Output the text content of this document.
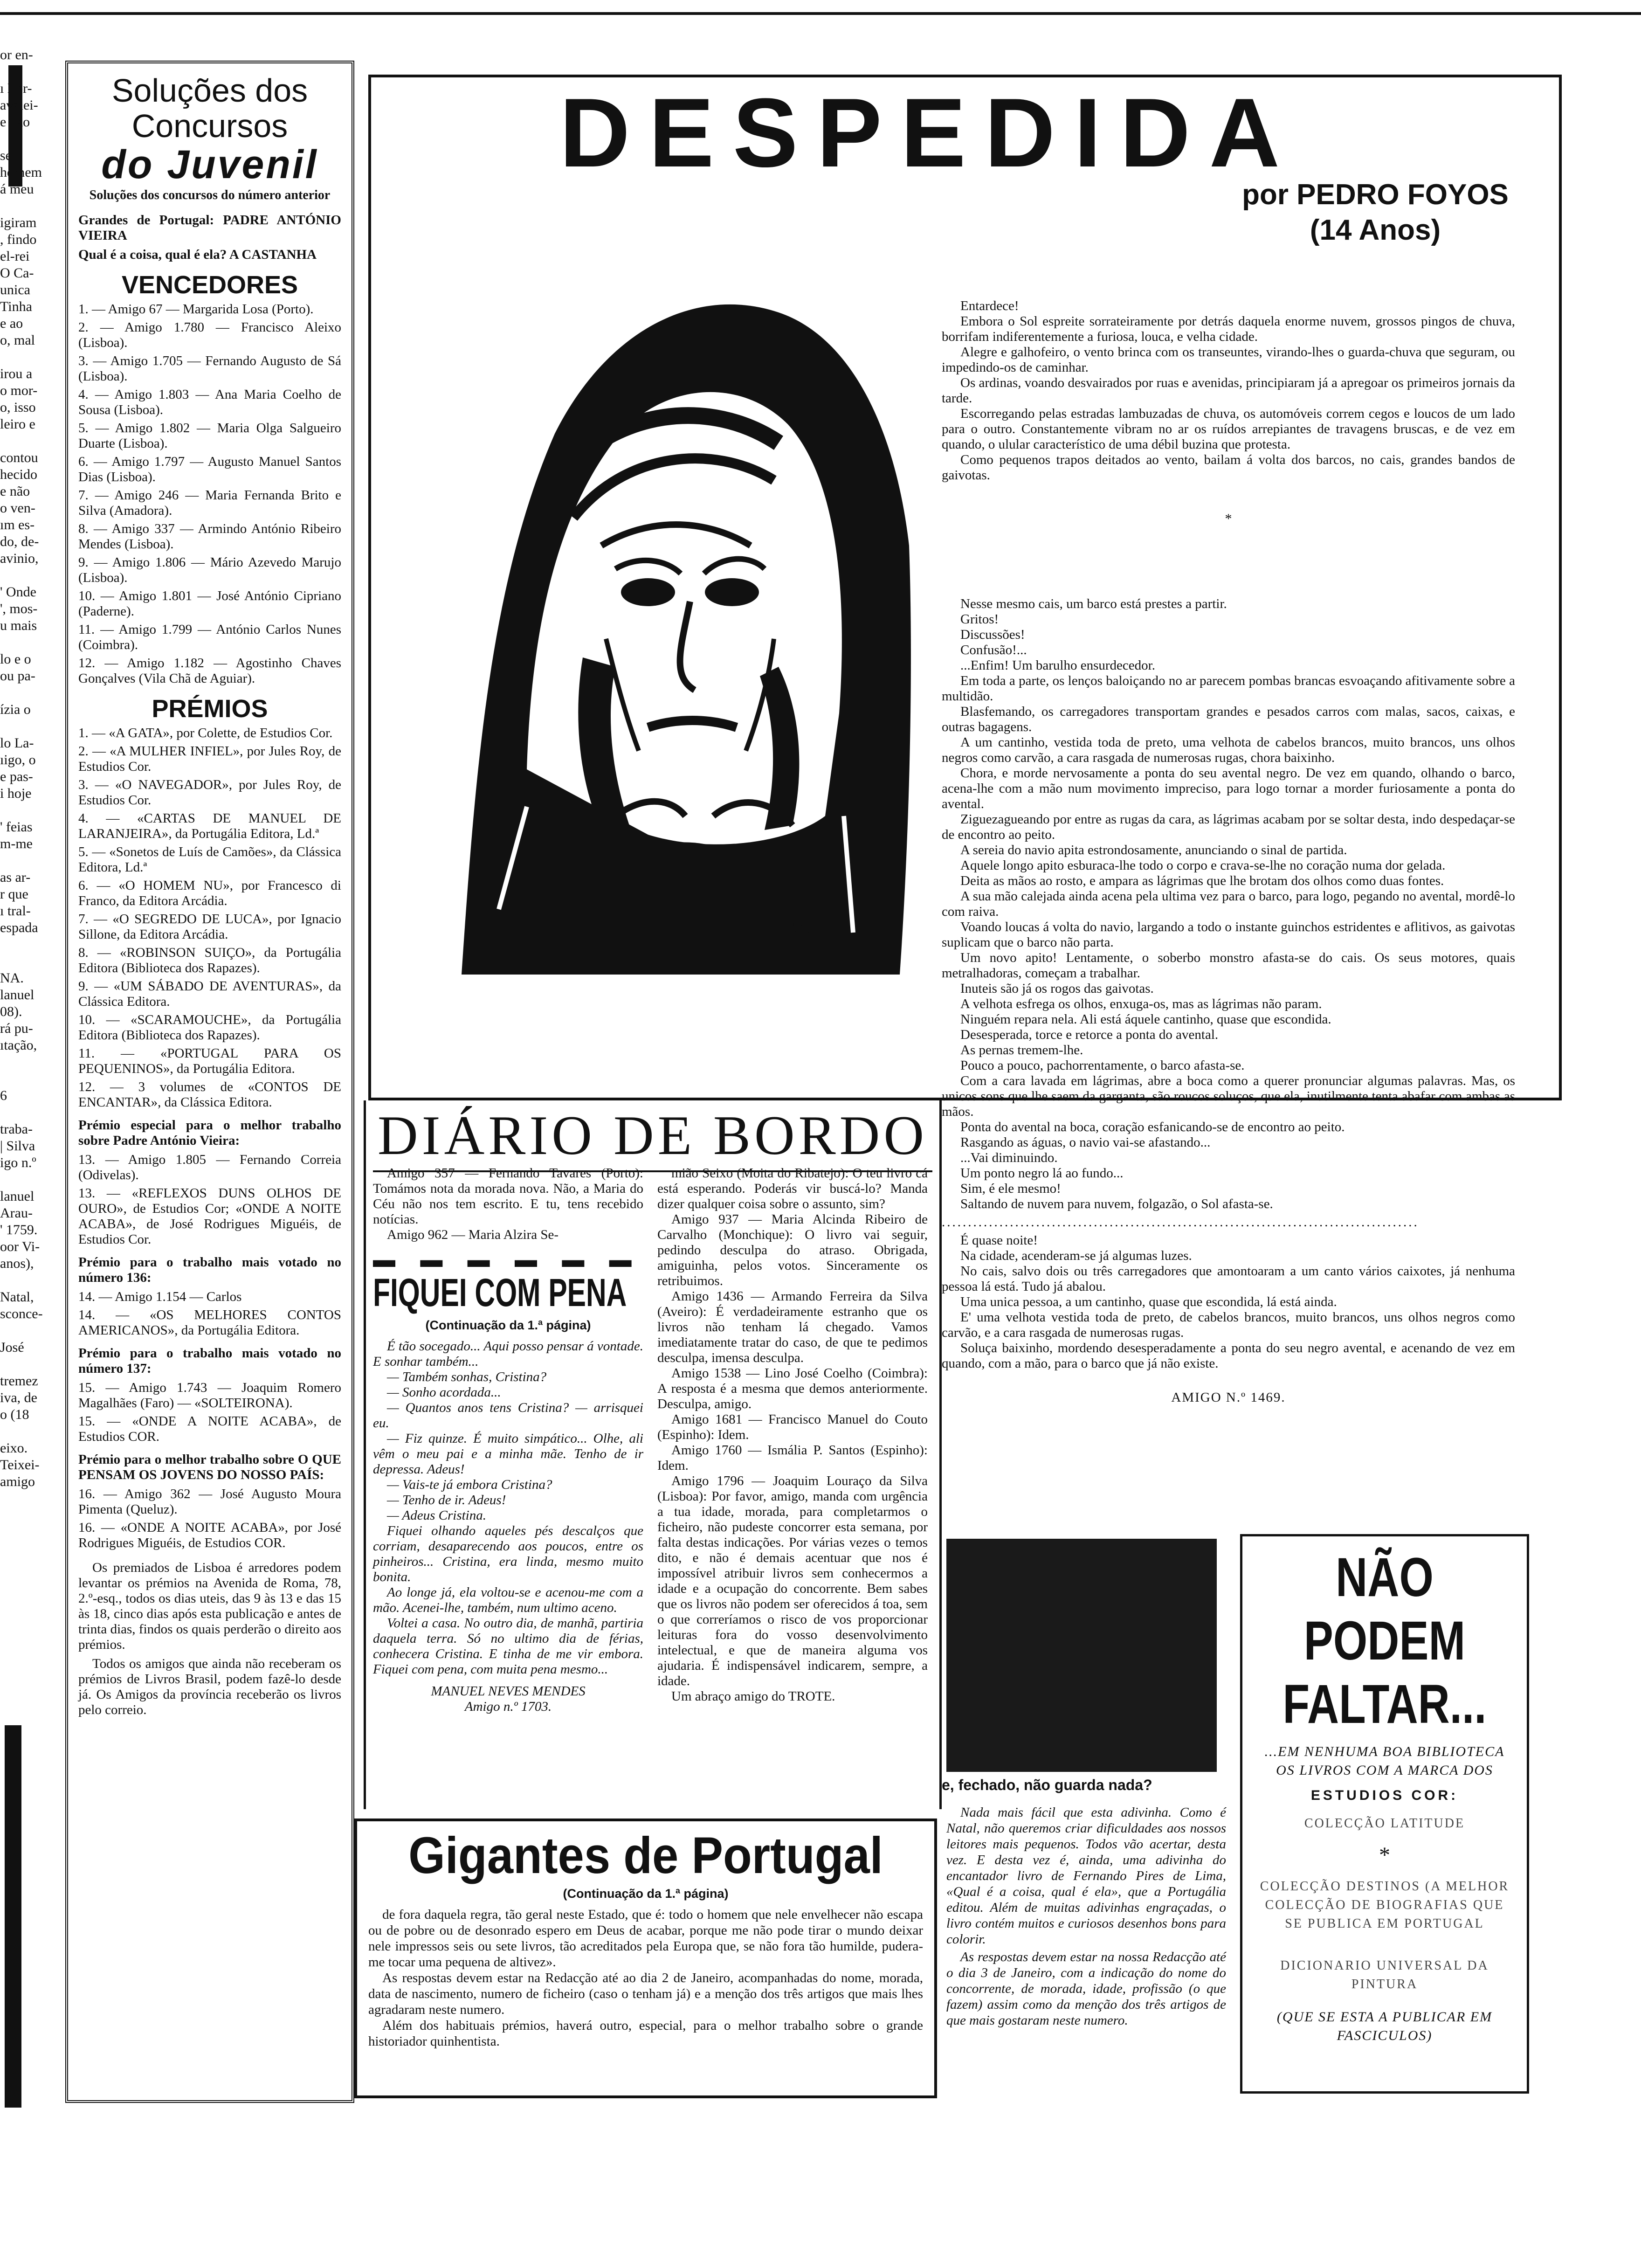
or en-

ı Ber-
avalei-
e não

se.
homem
á meu

igiram
, findo
el-rei
O Ca-
unica
Tinha
e ao
o, mal

irou a
o mor-
o, isso
leiro e

contou
hecido
e não
o ven-
ım es-
do, de-
avinio,

' Onde
', mos-
u mais

lo e o
ou pa-

ízia o

lo La-
ıigo, o
e pas-
i hoje

' feias
m-me

as ar-
r que
ı tral-
espada

NA.
lanuel
08).
rá pu-
ıtação,

6

traba-
| Silva
igo n.º

lanuel
Arau-
' 1759.
oor Vi-
anos),

Natal,
sconce-

José

tremez
iva, de
o (18

eixo.
Teixei-
amigo
Soluções dos Concursos
do Juvenil
Soluções dos concursos do número anterior

Grandes de Portugal: PADRE ANTÓNIO VIEIRA

Qual é a coisa, qual é ela? A CASTANHA

VENCEDORES

1. — Amigo 67 — Margarida Losa (Porto).

2. — Amigo 1.780 — Francisco Aleixo (Lisboa).

3. — Amigo 1.705 — Fernando Augusto de Sá (Lisboa).

4. — Amigo 1.803 — Ana Maria Coelho de Sousa (Lisboa).

5. — Amigo 1.802 — Maria Olga Salgueiro Duarte (Lisboa).

6. — Amigo 1.797 — Augusto Manuel Santos Dias (Lisboa).

7. — Amigo 246 — Maria Fernanda Brito e Silva (Amadora).

8. — Amigo 337 — Armindo António Ribeiro Mendes (Lisboa).

9. — Amigo 1.806 — Mário Azevedo Marujo (Lisboa).

10. — Amigo 1.801 — José António Cipriano (Paderne).

11. — Amigo 1.799 — António Carlos Nunes (Coimbra).

12. — Amigo 1.182 — Agostinho Chaves Gonçalves (Vila Chã de Aguiar).

PRÉMIOS

1. — «A GATA», por Colette, de Estudios Cor.

2. — «A MULHER INFIEL», por Jules Roy, de Estudios Cor.

3. — «O NAVEGADOR», por Jules Roy, de Estudios Cor.

4. — «CARTAS DE MANUEL DE LARANJEIRA», da Portugália Editora, Ld.ª

5. — «Sonetos de Luís de Camões», da Clássica Editora, Ld.ª

6. — «O HOMEM NU», por Francesco di Franco, da Editora Arcádia.

7. — «O SEGREDO DE LUCA», por Ignacio Sillone, da Editora Arcádia.

8. — «ROBINSON SUIÇO», da Portugália Editora (Biblioteca dos Rapazes).

9. — «UM SÁBADO DE AVENTURAS», da Clássica Editora.

10. — «SCARAMOUCHE», da Portugália Editora (Biblioteca dos Rapazes).

11. — «PORTUGAL PARA OS PEQUENINOS», da Portugália Editora.

12. — 3 volumes de «CONTOS DE ENCANTAR», da Clássica Editora.

Prémio especial para o melhor trabalho sobre Padre António Vieira:

13. — Amigo 1.805 — Fernando Correia (Odivelas).

13. — «REFLEXOS DUNS OLHOS DE OURO», de Estudios Cor; «ONDE A NOITE ACABA», de José Rodrigues Miguéis, de Estudios Cor.

Prémio para o trabalho mais votado no número 136:

14. — Amigo 1.154 — Carlos

14. — «OS MELHORES CONTOS AMERICANOS», da Portugália Editora.

Prémio para o trabalho mais votado no número 137:

15. — Amigo 1.743 — Joaquim Romero Magalhães (Faro) — «SOLTEIRONA).

15. — «ONDE A NOITE ACABA», de Estudios COR.

Prémio para o melhor trabalho sobre O QUE PENSAM OS JOVENS DO NOSSO PAÍS:

16. — Amigo 362 — José Augusto Moura Pimenta (Queluz).

16. — «ONDE A NOITE ACABA», por José Rodrigues Miguéis, de Estudios COR.

Os premiados de Lisboa é arredores podem levantar os prémios na Avenida de Roma, 78, 2.º-esq., todos os dias uteis, das 9 às 13 e das 15 às 18, cinco dias após esta publicação e antes de trinta dias, findos os quais perderão o direito aos prémios.

Todos os amigos que ainda não receberam os prémios de Livros Brasil, podem fazê-lo desde já. Os Amigos da província receberão os livros pelo correio.

DESPEDIDA
por PEDRO FOYOS
(14 Anos)
tossan

Entardece!

Embora o Sol espreite sorrateiramente por detrás daquela enorme nuvem, grossos pingos de chuva, borrifam indiferentemente a furiosa, louca, e velha cidade.

Alegre e galhofeiro, o vento brinca com os transeuntes, virando-lhes o guarda-chuva que seguram, ou impedindo-os de caminhar.

Os ardinas, voando desvairados por ruas e avenidas, principiaram já a apregoar os primeiros jornais da tarde.

Escorregando pelas estradas lambuzadas de chuva, os automóveis correm cegos e loucos de um lado para o outro. Constantemente vibram no ar os ruídos arrepiantes de travagens bruscas, e de vez em quando, o ulular característico de uma débil buzina que protesta.

Como pequenos trapos deitados ao vento, bailam á volta dos barcos, no cais, grandes bandos de gaivotas.

*

Nesse mesmo cais, um barco está prestes a partir.

Gritos!

Discussões!

Confusão!...

...Enfim! Um barulho ensurdecedor.

Em toda a parte, os lenços baloiçando no ar parecem pombas brancas esvoaçando afitivamente sobre a multidão.

Blasfemando, os carregadores transportam grandes e pesados carros com malas, sacos, caixas, e outras bagagens.

A um cantinho, vestida toda de preto, uma velhota de cabelos brancos, muito brancos, uns olhos negros como carvão, a cara rasgada de numerosas rugas, chora baixinho.

Chora, e morde nervosamente a ponta do seu avental negro. De vez em quando, olhando o barco, acena-lhe com a mão num movimento impreciso, para logo tornar a morder furiosamente a ponta do avental.

Ziguezagueando por entre as rugas da cara, as lágrimas acabam por se soltar desta, indo despedaçar-se de encontro ao peito.

A sereia do navio apita estrondosamente, anunciando o sinal de partida.

Aquele longo apito esburaca-lhe todo o corpo e crava-se-lhe no coração numa dor gelada.

Deita as mãos ao rosto, e ampara as lágrimas que lhe brotam dos olhos como duas fontes.

A sua mão calejada ainda acena pela ultima vez para o barco, para logo, pegando no avental, mordê-lo com raiva.

Voando loucas á volta do navio, largando a todo o instante guinchos estridentes e aflitivos, as gaivotas suplicam que o barco não parta.

Um novo apito! Lentamente, o soberbo monstro afasta-se do cais. Os seus motores, quais metralhadoras, começam a trabalhar.

Inuteis são já os rogos das gaivotas.

A velhota esfrega os olhos, enxuga-os, mas as lágrimas não param.

Ninguém repara nela. Ali está áquele cantinho, quase que escondida.

Desesperada, torce e retorce a ponta do avental.

As pernas tremem-lhe.

Pouco a pouco, pachorrentamente, o barco afasta-se.

Com a cara lavada em lágrimas, abre a boca como a querer pronunciar algumas palavras. Mas, os unicos sons que lhe saem da garganta, são roucos soluços, que ela, inutilmente tenta abafar com ambas as mãos.

Ponta do avental na boca, coração esfanicando-se de encontro ao peito.

Rasgando as águas, o navio vai-se afastando...

...Vai diminuindo.

Um ponto negro lá ao fundo...

Sim, é ele mesmo!

Saltando de nuvem para nuvem, folgazão, o Sol afasta-se.

...........................................................................................

É quase noite!

Na cidade, acenderam-se já algumas luzes.

No cais, salvo dois ou três carregadores que amontoaram a um canto vários caixotes, já nenhuma pessoa lá está. Tudo já abalou.

Uma unica pessoa, a um cantinho, quase que escondida, lá está ainda.

E' uma velhota vestida toda de preto, de cabelos brancos, muito brancos, uns olhos negros como carvão, e a cara rasgada de numerosas rugas.

Soluça baixinho, mordendo desesperadamente a ponta do seu negro avental, e acenando de vez em quando, com a mão, para o barco que já não existe.

AMIGO N.º 1469.
DIÁRIO DE BORDO

Amigo 357 — Fernando Tavares (Porto): Tomámos nota da morada nova. Não, a Maria do Céu não nos tem escrito. E tu, tens recebido notícias.

Amigo 962 — Maria Alzira Se-

▬ ▬ ▬ ▬ ▬ ▬
FIQUEI COM PENA
(Continuação da 1.ª página)

É tão socegado... Aqui posso pensar á vontade. E sonhar também...

— Também sonhas, Cristina?

— Sonho acordada...

— Quantos anos tens Cristina? — arrisquei eu.

— Fiz quinze. É muito simpático... Olhe, ali vêm o meu pai e a minha mãe. Tenho de ir depressa. Adeus!

— Vais-te já embora Cristina?

— Tenho de ir. Adeus!

— Adeus Cristina.

Fiquei olhando aqueles pés descalços que corriam, desaparecendo aos poucos, entre os pinheiros... Cristina, era linda, mesmo muito bonita.

Ao longe já, ela voltou-se e acenou-me com a mão. Acenei-lhe, também, num ultimo aceno.

Voltei a casa. No outro dia, de manhã, partiria daquela terra. Só no ultimo dia de férias, conhecera Cristina. E tinha de me vir embora. Fiquei com pena, com muita pena mesmo...

MANUEL NEVES MENDES
Amigo n.º 1703.

mião Seixo (Moita do Ribatejo): O teu livro cá está esperando. Poderás vir buscá-lo? Manda dizer qualquer coisa sobre o assunto, sim?

Amigo 937 — Maria Alcinda Ribeiro de Carvalho (Monchique): O livro vai seguir, pedindo desculpa do atraso. Obrigada, amiguinha, pelos votos. Sinceramente os retribuimos.

Amigo 1436 — Armando Ferreira da Silva (Aveiro): É verdadeiramente estranho que os livros não tenham lá chegado. Vamos imediatamente tratar do caso, de que te pedimos desculpa, imensa desculpa.

Amigo 1538 — Lino José Coelho (Coimbra): A resposta é a mesma que demos anteriormente. Desculpa, amigo.

Amigo 1681 — Francisco Manuel do Couto (Espinho): Idem.

Amigo 1760 — Ismália P. Santos (Espinho): Idem.

Amigo 1796 — Joaquim Louraço da Silva (Lisboa): Por favor, amigo, manda com urgência a tua idade, morada, para completarmos o ficheiro, não pudeste concorrer esta semana, por falta destas indicações. Por várias vezes o temos dito, e não é demais acentuar que nos é impossível atribuir livros sem conhecermos a idade e a ocupação do concorrente. Bem sabes que os livros não podem ser oferecidos á toa, sem o que correríamos o risco de vos proporcionar leituras fora do vosso desenvolvimento intelectual, e que de maneira alguma vos ajudaria. É indispensável indicarem, sempre, a idade.

Um abraço amigo do TROTE.

Gigantes de Portugal
(Continuação da 1.ª página)

de fora daquela regra, tão geral neste Estado, que é: todo o homem que nele envelhecer não escapa ou de pobre ou de desonrado espero em Deus de acabar, porque me não pode tirar o mundo deixar nele impressos seis ou sete livros, tão acreditados pela Europa que, se não fora tão humilde, pudera-me tocar uma pequena de altivez».

As respostas devem estar na Redacção até ao dia 2 de Janeiro, acompanhadas do nome, morada, data de nascimento, numero de ficheiro (caso o tenham já) e a menção dos três artigos que mais lhes agradaram neste numero.

Além dos habituais prémios, haverá outro, especial, para o melhor trabalho sobre o grande historiador quinhentista.

e, fechado, não guarda nada?

Nada mais fácil que esta adivinha. Como é Natal, não queremos criar dificuldades aos nossos leitores mais pequenos. Todos vão acertar, desta vez. E desta vez é, ainda, uma adivinha do encantador livro de Fernando Pires de Lima, «Qual é a coisa, qual é ela», que a Portugália editou. Além de muitas adivinhas engraçadas, o livro contém muitos e curiosos desenhos bons para colorir.

As respostas devem estar na nossa Redacção até o dia 3 de Janeiro, com a indicação do nome do concorrente, de morada, idade, profissão (o que fazem) assim como da menção dos três artigos de que mais gostaram neste numero.

NÃO PODEM
FALTAR...
...EM NENHUMA BOA BIBLIOTECA OS LIVROS COM A MARCA DOS
ESTUDIOS COR:
COLECÇÃO LATITUDE
*
COLECÇÃO DESTINOS (A MELHOR COLECÇÃO DE BIOGRAFIAS QUE SE PUBLICA EM PORTUGAL
DICIONARIO UNIVERSAL DA PINTURA
(QUE SE ESTA A PUBLICAR EM FASCICULOS)
